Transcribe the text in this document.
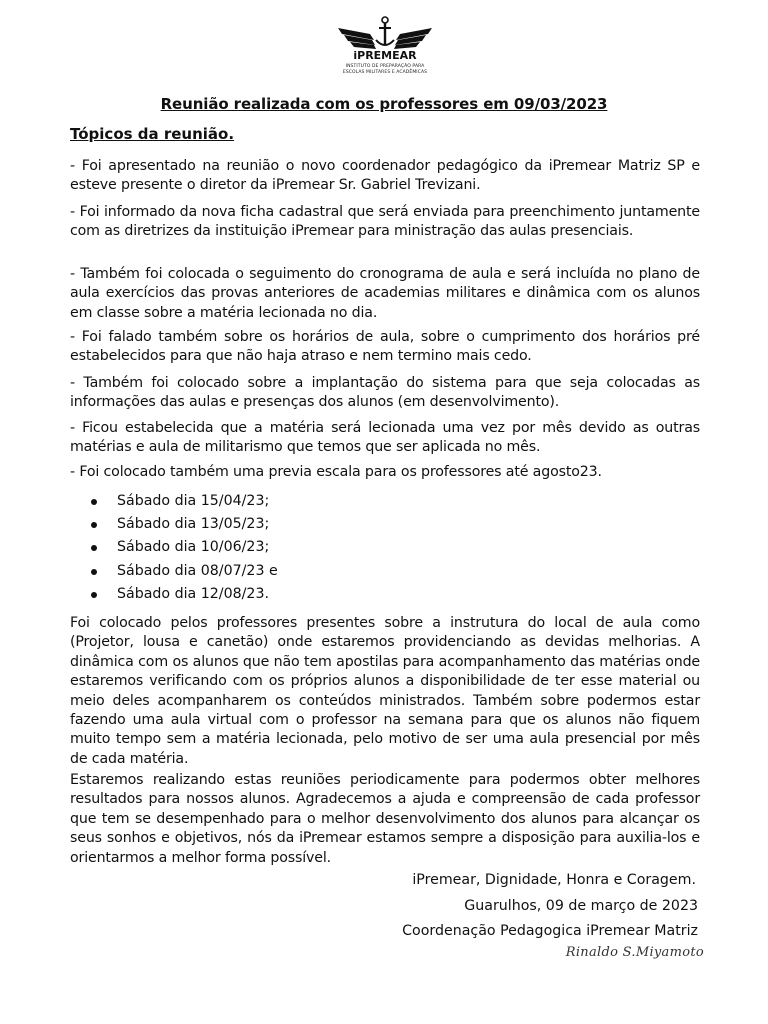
iPREMEAR
INSTITUTO DE PREPARAÇÃO PARA
ESCOLAS MILITARES E ACADÊMICAS
Reunião realizada com os professores em 09/03/2023
Tópicos da reunião.
- Foi apresentado na reunião o novo coordenador pedagógico da iPremear Matriz SP e esteve presente o diretor da iPremear Sr. Gabriel Trevizani.
- Foi informado da nova ficha cadastral que será enviada para preenchimento juntamente com as diretrizes da instituição iPremear para ministração das aulas presenciais.
- Também foi colocada o seguimento do cronograma de aula e será incluída no plano de aula exercícios das provas anteriores de academias militares e dinâmica com os alunos em classe sobre a matéria lecionada no dia.
- Foi falado também sobre os horários de aula, sobre o cumprimento dos horários pré estabelecidos para que não haja atraso e nem termino mais cedo.
- Também foi colocado sobre a implantação do sistema para que seja colocadas as informações das aulas e presenças dos alunos (em desenvolvimento).
- Ficou estabelecida que a matéria será lecionada uma vez por mês devido as outras matérias e aula de militarismo que temos que ser aplicada no mês.
- Foi colocado também uma previa escala para os professores até agosto23.
Sábado dia 15/04/23;
Sábado dia 13/05/23;
Sábado dia 10/06/23;
Sábado dia 08/07/23 e
Sábado dia 12/08/23.
Foi colocado pelos professores presentes sobre a instrutura do local de aula como (Projetor, lousa e canetão) onde estaremos providenciando as devidas melhorias. A dinâmica com os alunos que não tem apostilas para acompanhamento das matérias onde estaremos verificando com os próprios alunos a disponibilidade de ter esse material ou meio deles acompanharem os conteúdos ministrados. Também sobre podermos estar fazendo uma aula virtual com o professor na semana para que os alunos não fiquem muito tempo sem a matéria lecionada, pelo motivo de ser uma aula presencial por mês de cada matéria.
Estaremos realizando estas reuniões periodicamente para podermos obter melhores resultados para nossos alunos. Agradecemos a ajuda e compreensão de cada professor que tem se desempenhado para o melhor desenvolvimento dos alunos para alcançar os seus sonhos e objetivos, nós da iPremear estamos sempre a disposição para auxilia-los e orientarmos a melhor forma possível.
iPremear, Dignidade, Honra e Coragem.
Guarulhos, 09 de março de 2023
Coordenação Pedagogica iPremear Matriz
Rinaldo S.Miyamoto
